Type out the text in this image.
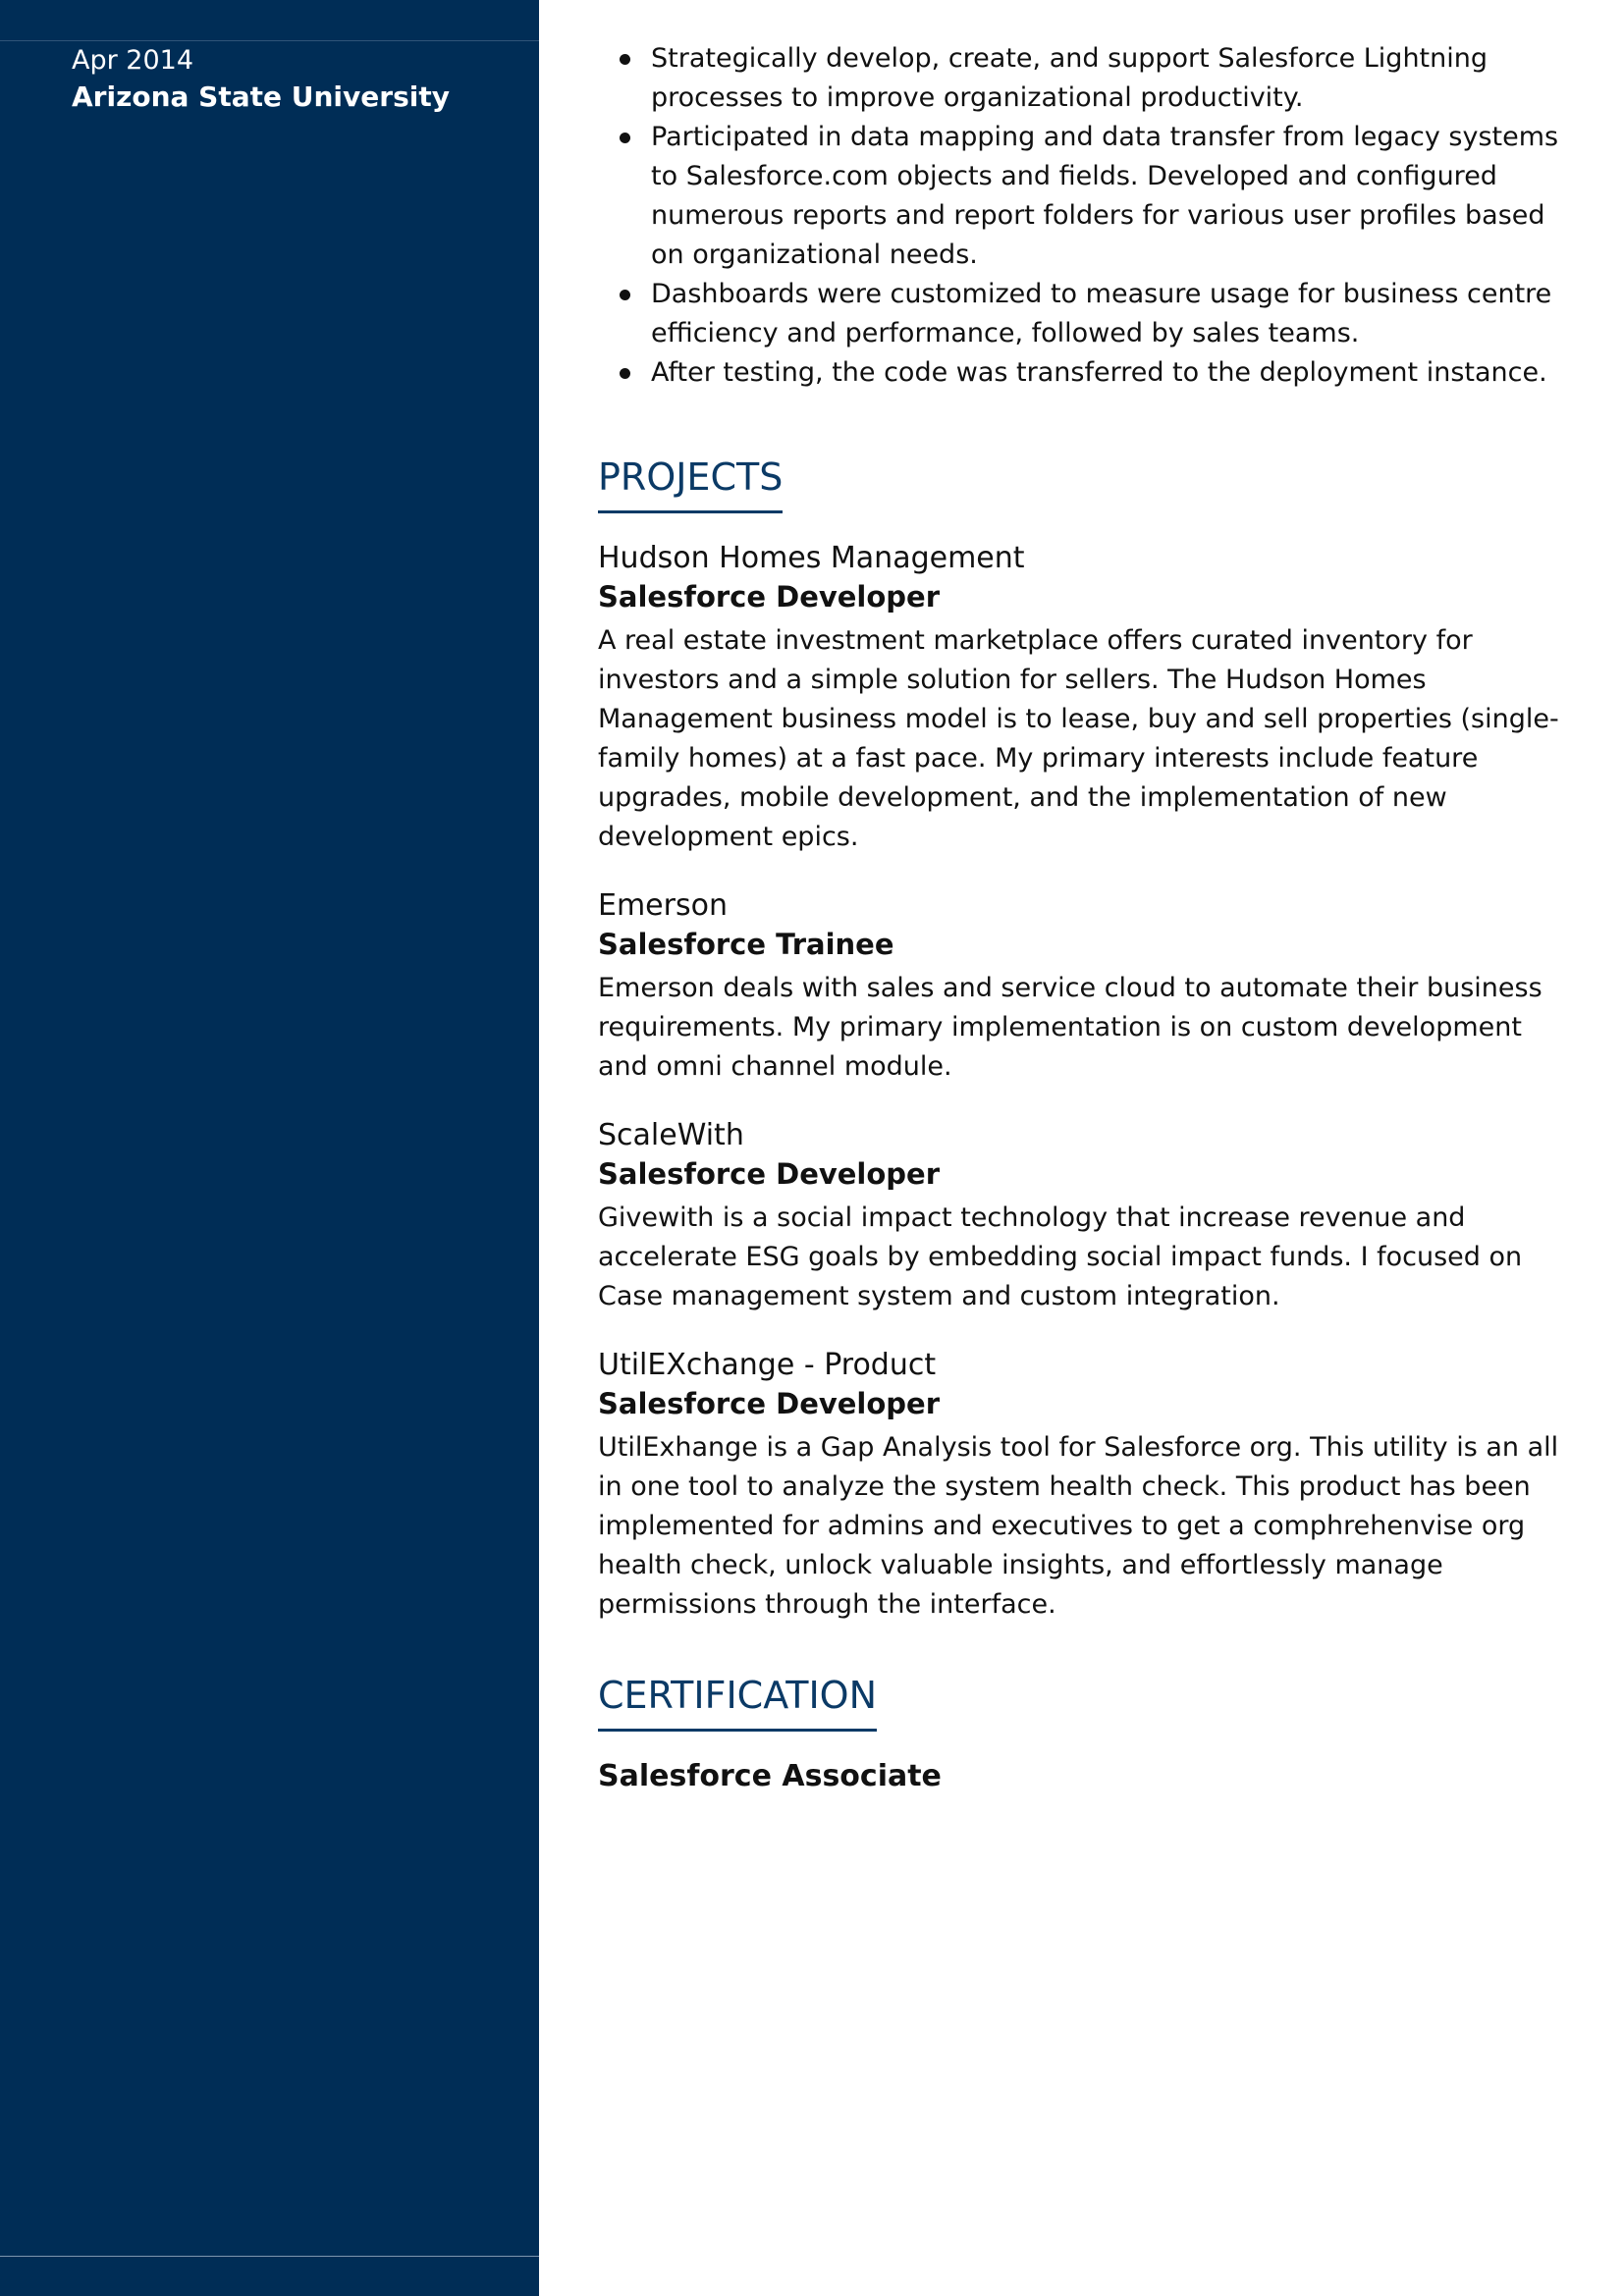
Apr 2014
Arizona State University
Strategically develop, create, and support Salesforce Lightning processes to improve organizational productivity.
Participated in data mapping and data transfer from legacy systems to Salesforce.com objects and fields. Developed and configured numerous reports and report folders for various user profiles based on organizational needs.
Dashboards were customized to measure usage for business centre efficiency and performance, followed by sales teams.
After testing, the code was transferred to the deployment instance.
PROJECTS
Hudson Homes Management
Salesforce Developer
A real estate investment marketplace offers curated inventory for investors and a simple solution for sellers. The Hudson Homes Management business model is to lease, buy and sell properties (single-family homes) at a fast pace. My primary interests include feature upgrades, mobile development, and the implementation of new development epics.
Emerson
Salesforce Trainee
Emerson deals with sales and service cloud to automate their business requirements. My primary implementation is on custom development and omni channel module.
ScaleWith
Salesforce Developer
Givewith is a social impact technology that increase revenue and accelerate ESG goals by embedding social impact funds. I focused on Case management system and custom integration.
UtilEXchange - Product
Salesforce Developer
UtilExhange is a Gap Analysis tool for Salesforce org. This utility is an all in one tool to analyze the system health check. This product has been implemented for admins and executives to get a comphrehenvise org health check, unlock valuable insights, and effortlessly manage permissions through the interface.
CERTIFICATION
Salesforce Associate
